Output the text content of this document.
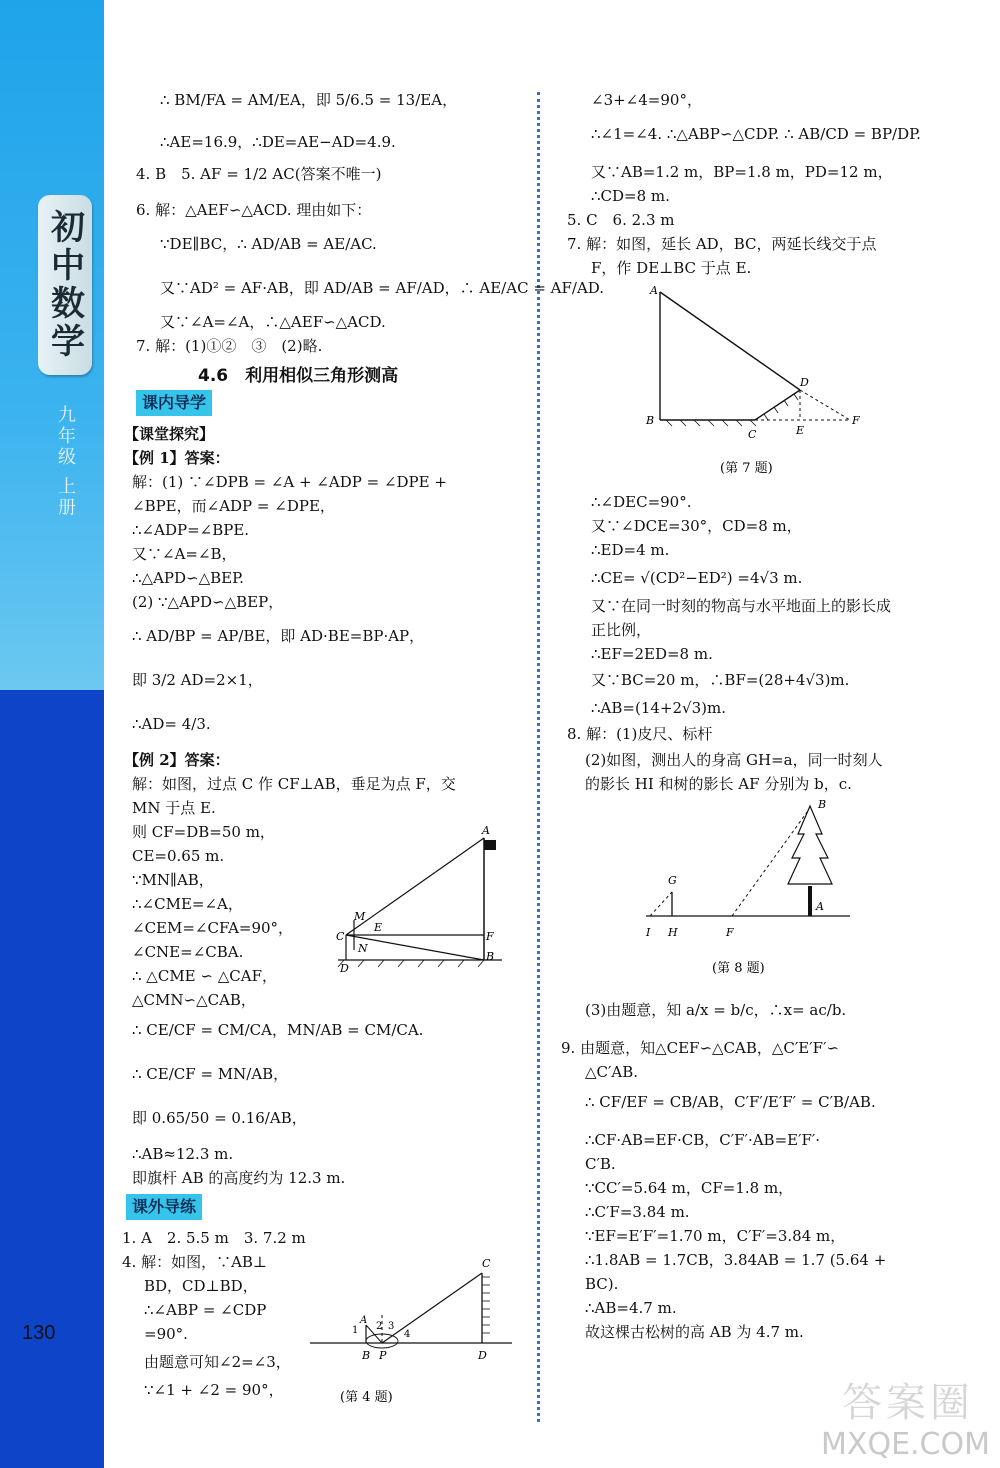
初中数学
九年级 上册
130
∴ BM/FA = AM/EA，即 5/6.5 = 13/EA，
∴AE=16.9，∴DE=AE−AD=4.9.
4. B　5. AF = 1/2 AC(答案不唯一)
6. 解：△AEF∽△ACD. 理由如下：
∵DE∥BC，∴ AD/AB = AE/AC.
又∵AD² = AF·AB，即 AD/AB = AF/AD，∴ AE/AC = AF/AD.
又∵∠A=∠A，∴△AEF∽△ACD.
7. 解：(1)①②　③　(2)略.
4.6　利用相似三角形测高
课内导学
【课堂探究】
【例 1】答案：
解：(1) ∵∠DPB = ∠A + ∠ADP = ∠DPE +
∠BPE，而∠ADP = ∠DPE，
∴∠ADP=∠BPE.
又∵∠A=∠B，
∴△APD∽△BEP.
(2) ∵△APD∽△BEP，
∴ AD/BP = AP/BE，即 AD·BE=BP·AP，
即 3/2 AD=2×1，
∴AD= 4/3.
【例 2】答案：
解：如图，过点 C 作 CF⊥AB，垂足为点 F，交
MN 于点 E.
则 CF=DB=50 m，
CE=0.65 m.
∵MN∥AB，
∴∠CME=∠A，
∠CEM=∠CFA=90°，
∠CNE=∠CBA.
∴ △CME ∽ △CAF，
△CMN∽△CAB，
∴ CE/CF = CM/CA，MN/AB = CM/CA.
∴ CE/CF = MN/AB，
即 0.65/50 = 0.16/AB，
∴AB≈12.3 m.
即旗杆 AB 的高度约为 12.3 m.
课外导练
1. A　2. 5.5 m　3. 7.2 m
4. 解：如图，∵AB⊥
BD，CD⊥BD，
∴∠ABP = ∠CDP
=90°.
由题意可知∠2=∠3，
∵∠1 + ∠2 = 90°，
A
M
E
C
N
F
D
B
C
A
1 2 3
4
B P	D
(第 4 题)
∠3+∠4=90°，
∴∠1=∠4. ∴△ABP∽△CDP. ∴ AB/CD = BP/DP.
又∵AB=1.2 m，BP=1.8 m，PD=12 m，
∴CD=8 m.
5. C　6. 2.3 m
7. 解：如图，延长 AD，BC，两延长线交于点
F，作 DE⊥BC 于点 E.
∴∠DEC=90°.
又∵∠DCE=30°，CD=8 m，
∴ED=4 m.
∴CE= √(CD²−ED²) =4√3 m.
又∵在同一时刻的物高与水平地面上的影长成
正比例，
∴EF=2ED=8 m.
又∵BC=20 m，∴BF=(28+4√3)m.
∴AB=(14+2√3)m.
8. 解：(1)皮尺、标杆
(2)如图，测出人的身高 GH=a，同一时刻人
的影长 HI 和树的影长 AF 分别为 b，c.
(3)由题意，知 a/x = b/c，∴x= ac/b.
9. 由题意，知△CEF∽△CAB，△C′E′F′∽
△C′AB.
∴ CF/EF = CB/AB，C′F′/E′F′ = C′B/AB.
∴CF·AB=EF·CB，C′F′·AB=E′F′·
C′B.
∵CC′=5.64 m，CF=1.8 m，
∴C′F=3.84 m.
∵EF=E′F′=1.70 m，C′F′=3.84 m，
∴1.8AB = 1.7CB，3.84AB = 1.7 (5.64 +
BC).
∴AB=4.7 m.
故这棵古松树的高 AB 为 4.7 m.
A
B
C
D
E
F
(第 7 题)
B
G
A
I H	F
(第 8 题)
答案圈
MXQE.COM
